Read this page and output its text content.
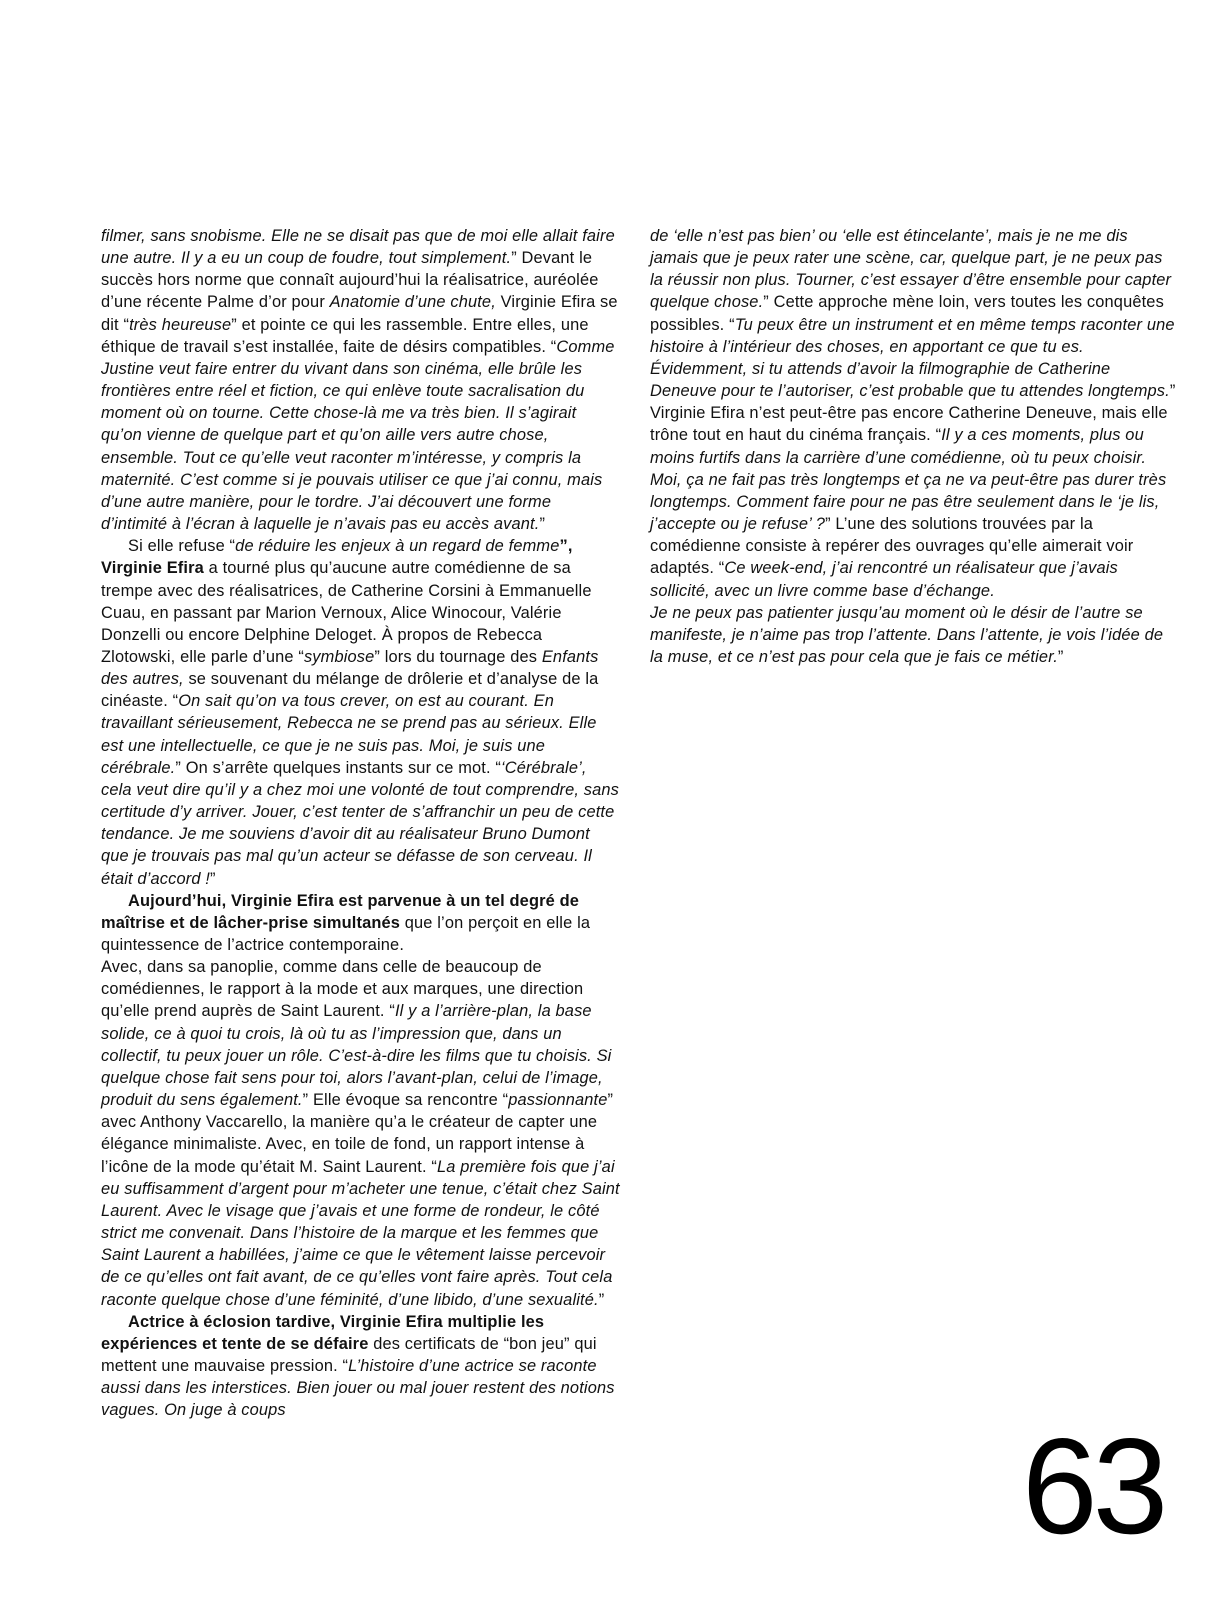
filmer, sans snobisme. Elle ne se disait pas que de moi elle allait faire une autre. Il y a eu un coup de foudre, tout simplement.” Devant le succès hors norme que connaît aujourd’hui la réalisatrice, auréolée d’une récente Palme d’or pour Anatomie d’une chute, Virginie Efira se dit “très heureuse” et pointe ce qui les rassemble. Entre elles, une éthique de travail s’est installée, faite de désirs compatibles. “Comme Justine veut faire entrer du vivant dans son cinéma, elle brûle les frontières entre réel et fiction, ce qui enlève toute sacralisation du moment où on tourne. Cette chose-là me va très bien. Il s’agirait qu’on vienne de quelque part et qu’on aille vers autre chose, ensemble. Tout ce qu’elle veut raconter m’intéresse, y compris la maternité. C’est comme si je pouvais utiliser ce que j’ai connu, mais d’une autre manière, pour le tordre. J’ai découvert une forme d’intimité à l’écran à laquelle je n’avais pas eu accès avant.”

Si elle refuse “de réduire les enjeux à un regard de femme”, Virginie Efira a tourné plus qu’aucune autre comédienne de sa trempe avec des réalisatrices, de Catherine Corsini à Emmanuelle Cuau, en passant par Marion Vernoux, Alice Winocour, Valérie Donzelli ou encore Delphine Deloget. À propos de Rebecca Zlotowski, elle parle d’une “symbiose” lors du tournage des Enfants des autres, se souvenant du mélange de drôlerie et d’analyse de la cinéaste. “On sait qu’on va tous crever, on est au courant. En travaillant sérieusement, Rebecca ne se prend pas au sérieux. Elle est une intellectuelle, ce que je ne suis pas. Moi, je suis une cérébrale.” On s’arrête quelques instants sur ce mot. “‘Cérébrale’, cela veut dire qu’il y a chez moi une volonté de tout comprendre, sans certitude d’y arriver. Jouer, c’est tenter de s’affranchir un peu de cette tendance. Je me souviens d’avoir dit au réalisateur Bruno Dumont que je trouvais pas mal qu’un acteur se défasse de son cerveau. Il était d’accord !”

Aujourd’hui, Virginie Efira est parvenue à un tel degré de maîtrise et de lâcher-prise simultanés que l’on perçoit en elle la quintessence de l’actrice contemporaine.

Avec, dans sa panoplie, comme dans celle de beaucoup de comédiennes, le rapport à la mode et aux marques, une direction qu’elle prend auprès de Saint Laurent. “Il y a l’arrière-plan, la base solide, ce à quoi tu crois, là où tu as l’impression que, dans un collectif, tu peux jouer un rôle. C’est-à-dire les films que tu choisis. Si quelque chose fait sens pour toi, alors l’avant-plan, celui de l’image, produit du sens également.” Elle évoque sa rencontre “passionnante” avec Anthony Vaccarello, la manière qu’a le créateur de capter une élégance minimaliste. Avec, en toile de fond, un rapport intense à l’icône de la mode qu’était M. Saint Laurent. “La première fois que j’ai eu suffisamment d’argent pour m’acheter une tenue, c’était chez Saint Laurent. Avec le visage que j’avais et une forme de rondeur, le côté strict me convenait. Dans l’histoire de la marque et les femmes que Saint Laurent a habillées, j’aime ce que le vêtement laisse percevoir de ce qu’elles ont fait avant, de ce qu’elles vont faire après. Tout cela raconte quelque chose d’une féminité, d’une libido, d’une sexualité.”

Actrice à éclosion tardive, Virginie Efira multiplie les expériences et tente de se défaire des certificats de “bon jeu” qui mettent une mauvaise pression. “L’histoire d’une actrice se raconte aussi dans les interstices. Bien jouer ou mal jouer restent des notions vagues. On juge à coups

de ‘elle n’est pas bien’ ou ‘elle est étincelante’, mais je ne me dis jamais que je peux rater une scène, car, quelque part, je ne peux pas la réussir non plus. Tourner, c’est essayer d’être ensemble pour capter quelque chose.” Cette approche mène loin, vers toutes les conquêtes possibles. “Tu peux être un instrument et en même temps raconter une histoire à l’intérieur des choses, en apportant ce que tu es. Évidemment, si tu attends d’avoir la filmographie de Catherine Deneuve pour te l’autoriser, c’est probable que tu attendes longtemps.” Virginie Efira n’est peut-être pas encore Catherine Deneuve, mais elle trône tout en haut du cinéma français. “Il y a ces moments, plus ou moins furtifs dans la carrière d’une comédienne, où tu peux choisir. Moi, ça ne fait pas très longtemps et ça ne va peut-être pas durer très longtemps. Comment faire pour ne pas être seulement dans le ‘je lis, j’accepte ou je refuse’ ?” L’une des solutions trouvées par la comédienne consiste à repérer des ouvrages qu’elle aimerait voir adaptés. “Ce week-end, j’ai rencontré un réalisateur que j’avais sollicité, avec un livre comme base d’échange.

Je ne peux pas patienter jusqu’au moment où le désir de l’autre se manifeste, je n’aime pas trop l’attente. Dans l’attente, je vois l’idée de la muse, et ce n’est pas pour cela que je fais ce métier.”

63
